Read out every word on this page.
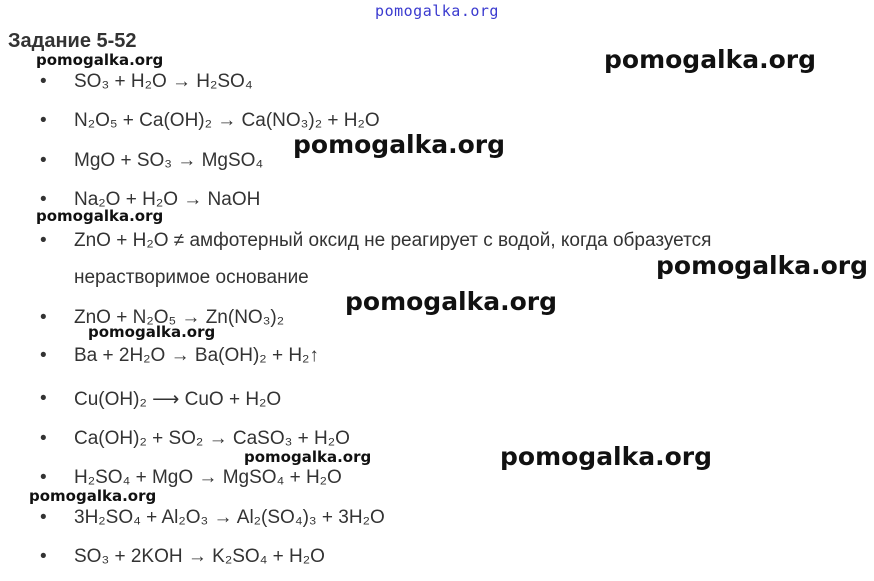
pomogalka.org
Задание 5-52
pomogalka.org	pomogalka.org
pomogalka.org
pomogalka.org
pomogalka.org
pomogalka.org
pomogalka.org
pomogalka.org	pomogalka.org
pomogalka.org
•	SO₃ + H₂O → H₂SO₄
•	N₂O₅ + Ca(OH)₂ → Ca(NO₃)₂ + H₂O
•	MgO + SO₃ → MgSO₄
•	Na₂O + H₂O → NaOH
•	ZnO + H₂O ≠ амфотерный оксид не реагирует с водой, когда образуется
нерастворимое основание
•	ZnO + N₂O₅ → Zn(NO₃)₂
•	Ba + 2H₂O → Ba(OH)₂ + H₂↑
•	Cu(OH)₂ ⟶ CuO + H₂O
•	Ca(OH)₂ + SO₂ → CaSO₃ + H₂O
•	H₂SO₄ + MgO → MgSO₄ + H₂O
•	3H₂SO₄ + Al₂O₃ → Al₂(SO₄)₃ + 3H₂O
•	SO₃ + 2KOH → K₂SO₄ + H₂O
